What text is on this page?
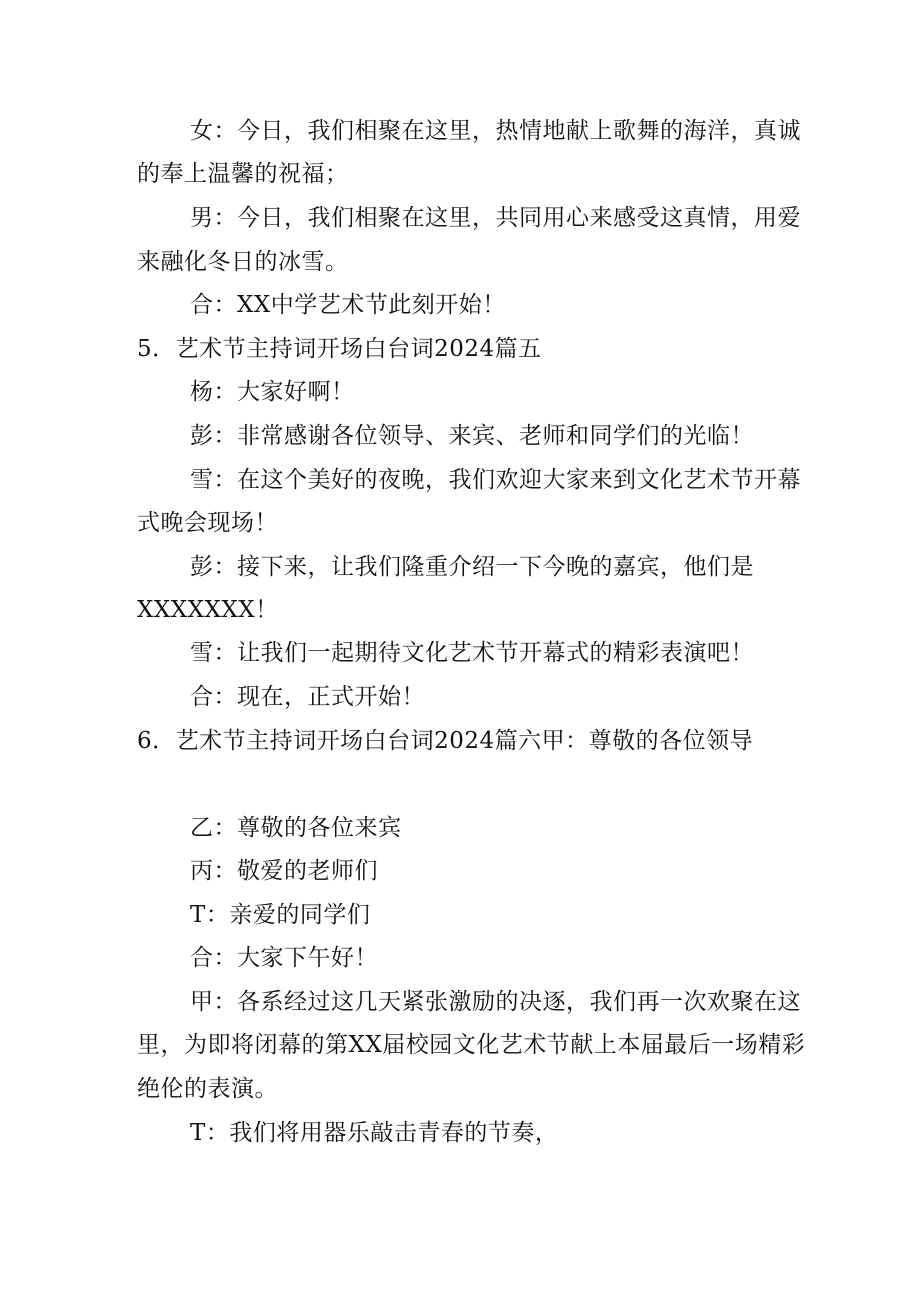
女：今日，我们相聚在这里，热情地献上歌舞的海洋，真诚
的奉上温馨的祝福；
男：今日，我们相聚在这里，共同用心来感受这真情，用爱
来融化冬日的冰雪。
合：XX中学艺术节此刻开始！
5．艺术节主持词开场白台词2024篇五
杨：大家好啊！
彭：非常感谢各位领导、来宾、老师和同学们的光临！
雪：在这个美好的夜晚，我们欢迎大家来到文化艺术节开幕
式晚会现场！
彭：接下来，让我们隆重介绍一下今晚的嘉宾，他们是
XXXXXXX！
雪：让我们一起期待文化艺术节开幕式的精彩表演吧！
合：现在，正式开始！
6．艺术节主持词开场白台词2024篇六甲：尊敬的各位领导
乙：尊敬的各位来宾
丙：敬爱的老师们
T：亲爱的同学们
合：大家下午好！
甲：各系经过这几天紧张激励的决逐，我们再一次欢聚在这
里，为即将闭幕的第XX届校园文化艺术节献上本届最后一场精彩
绝伦的表演。
T：我们将用器乐敲击青春的节奏，
